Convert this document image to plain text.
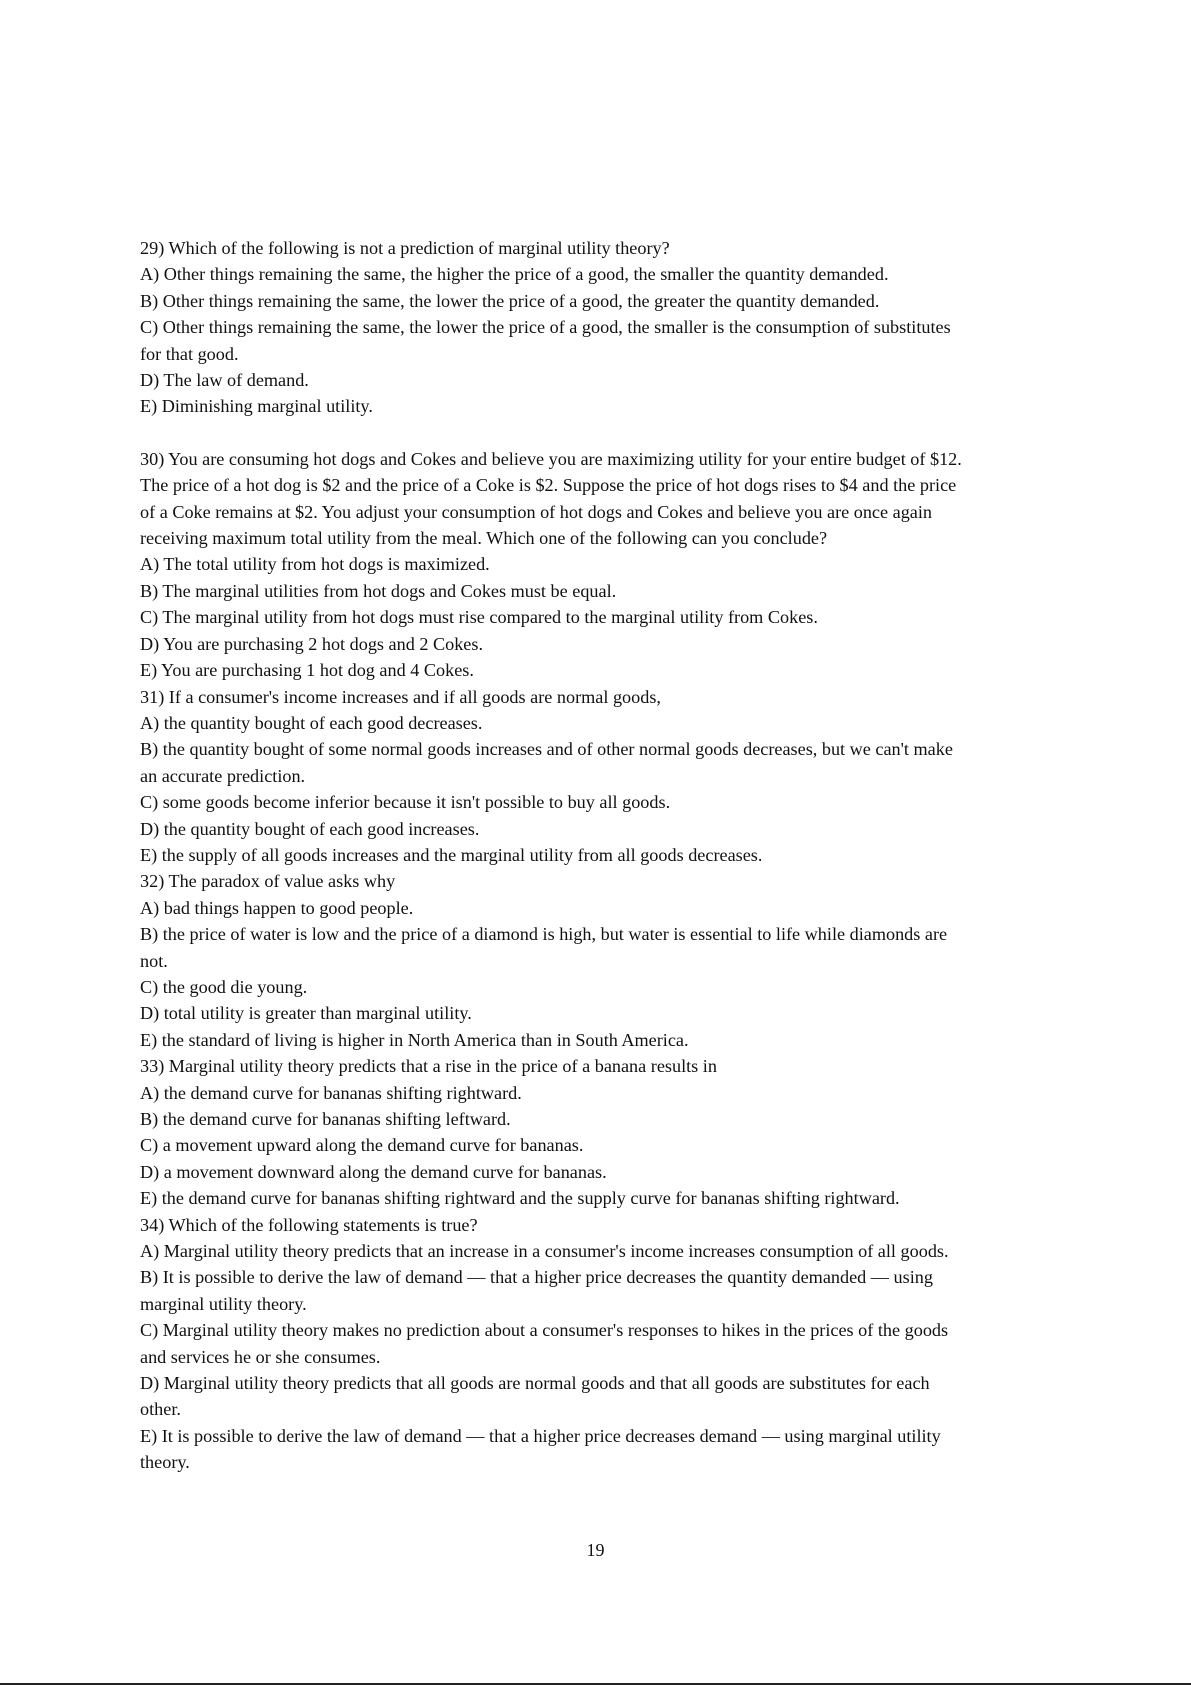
29) Which of the following is not a prediction of marginal utility theory?

A) Other things remaining the same, the higher the price of a good, the smaller the quantity demanded.

B) Other things remaining the same, the lower the price of a good, the greater the quantity demanded.

C) Other things remaining the same, the lower the price of a good, the smaller is the consumption of substitutes for that good.

D) The law of demand.

E) Diminishing marginal utility.

30) You are consuming hot dogs and Cokes and believe you are maximizing utility for your entire budget of $12. The price of a hot dog is $2 and the price of a Coke is $2. Suppose the price of hot dogs rises to $4 and the price of a Coke remains at $2. You adjust your consumption of hot dogs and Cokes and believe you are once again receiving maximum total utility from the meal. Which one of the following can you conclude?

A) The total utility from hot dogs is maximized.

B) The marginal utilities from hot dogs and Cokes must be equal.

C) The marginal utility from hot dogs must rise compared to the marginal utility from Cokes.

D) You are purchasing 2 hot dogs and 2 Cokes.

E) You are purchasing 1 hot dog and 4 Cokes.

31) If a consumer's income increases and if all goods are normal goods,

A) the quantity bought of each good decreases.

B) the quantity bought of some normal goods increases and of other normal goods decreases, but we can't make an accurate prediction.

C) some goods become inferior because it isn't possible to buy all goods.

D) the quantity bought of each good increases.

E) the supply of all goods increases and the marginal utility from all goods decreases.

32) The paradox of value asks why

A) bad things happen to good people.

B) the price of water is low and the price of a diamond is high, but water is essential to life while diamonds are not.

C) the good die young.

D) total utility is greater than marginal utility.

E) the standard of living is higher in North America than in South America.

33) Marginal utility theory predicts that a rise in the price of a banana results in

A) the demand curve for bananas shifting rightward.

B) the demand curve for bananas shifting leftward.

C) a movement upward along the demand curve for bananas.

D) a movement downward along the demand curve for bananas.

E) the demand curve for bananas shifting rightward and the supply curve for bananas shifting rightward.

34) Which of the following statements is true?

A) Marginal utility theory predicts that an increase in a consumer's income increases consumption of all goods.

B) It is possible to derive the law of demand — that a higher price decreases the quantity demanded — using marginal utility theory.

C) Marginal utility theory makes no prediction about a consumer's responses to hikes in the prices of the goods and services he or she consumes.

D) Marginal utility theory predicts that all goods are normal goods and that all goods are substitutes for each other.

E) It is possible to derive the law of demand — that a higher price decreases demand — using marginal utility theory.

19
